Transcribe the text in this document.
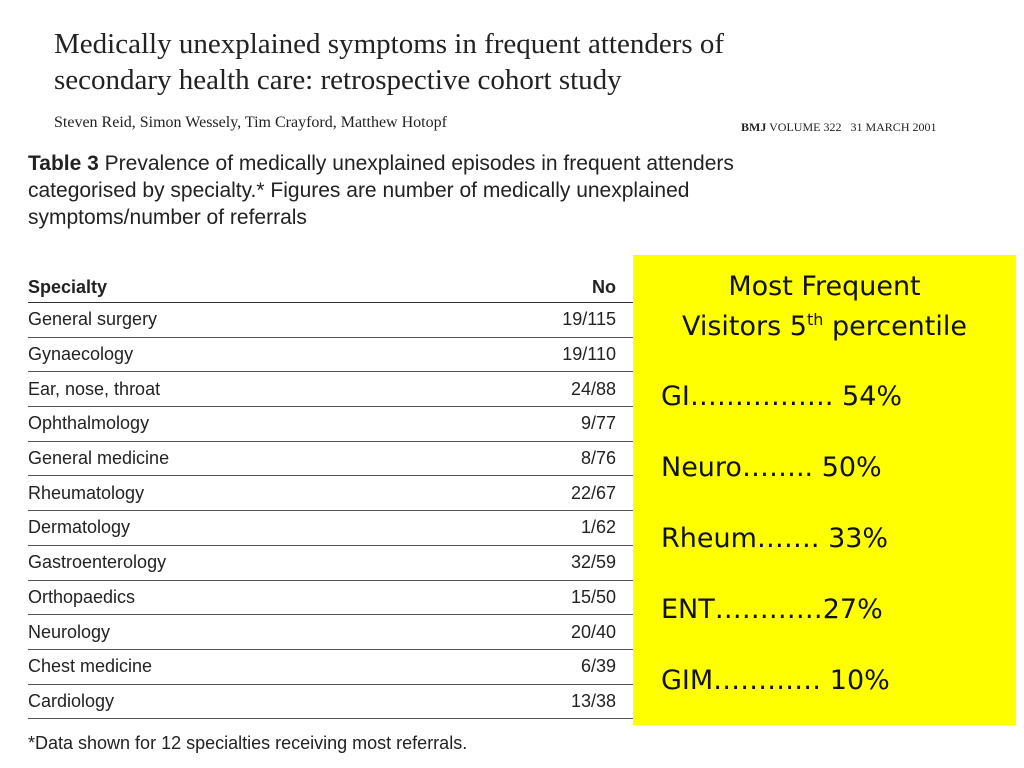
Medically unexplained symptoms in frequent attenders of
secondary health care: retrospective cohort study
Steven Reid, Simon Wessely, Tim Crayford, Matthew Hotopf	BMJ VOLUME 322 31 MARCH 2001
Table 3 Prevalence of medically unexplained episodes in frequent attenders categorised by specialty.* Figures are number of medically unexplained symptoms/number of referrals
Specialty	No
General surgery	19/115
Gynaecology	19/110
Ear, nose, throat	24/88
Ophthalmology	9/77
General medicine	8/76
Rheumatology	22/67
Dermatology	1/62
Gastroenterology	32/59
Orthopaedics	15/50
Neurology	20/40
Chest medicine	6/39
Cardiology	13/38
*Data shown for 12 specialties receiving most referrals.
Most Frequent
Visitors 5th percentile
GI……………. 54%
Neuro…….. 50%
Rheum……. 33%
ENT…………27%
GIM………… 10%
